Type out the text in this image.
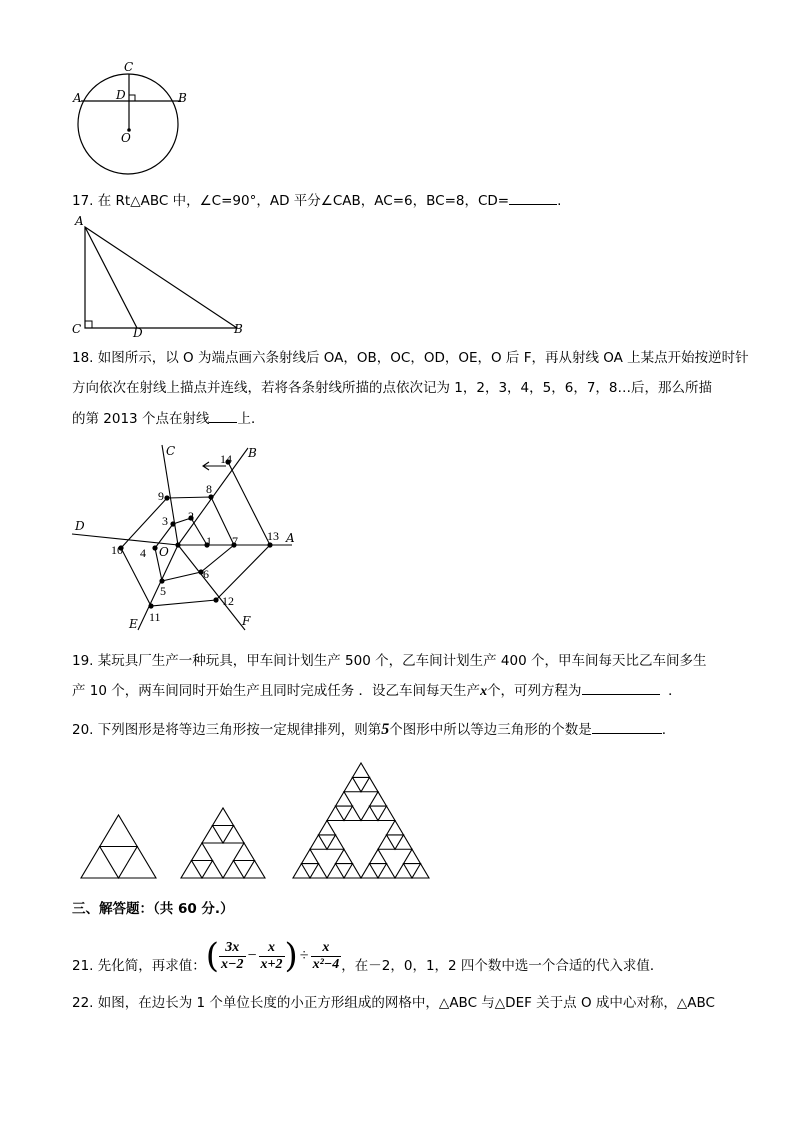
C
A	D	B
O
17. 在 Rt△ABC 中，∠C=90°，AD 平分∠CAB，AC=6，BC=8，CD=	.
A
C	D	B
18. 如图所示，以 O 为端点画六条射线后 OA，OB，OC，OD，OE，O 后 F，再从射线 OA 上某点开始按逆时针
方向依次在射线上描点并连线，若将各条射线所描的点依次记为 1，2，3，4，5，6，7，8…后，那么所描
的第 2013 个点在射线 上．
C	B
D
A
O
E	F
1
2
3
4
5
6
7
8
9
10
11
12
13
14
19. 某玩具厂生产一种玩具，甲车间计划生产 500 个，乙车间计划生产 400 个，甲车间每天比乙车间多生
产 10 个，两车间同时开始生产且同时完成任务 ．设乙车间每天生产x个，可列方程为	．
20. 下列图形是将等边三角形按一定规律排列，则第5个图形中所以等边三角形的个数是	.
三、解答题：（共 60 分.）
21. 先化简，再求值： ( $\frac{3x}{x-2} - \frac{x}{x+2}$ ) ÷ $\frac{x}{\text{x²−4}}$ ，在－2，0，1，2 四个数中选一个合适的代入求值．
22. 如图，在边长为 1 个单位长度的小正方形组成的网格中，△ABC 与△DEF 关于点 O 成中心对称，△ABC
